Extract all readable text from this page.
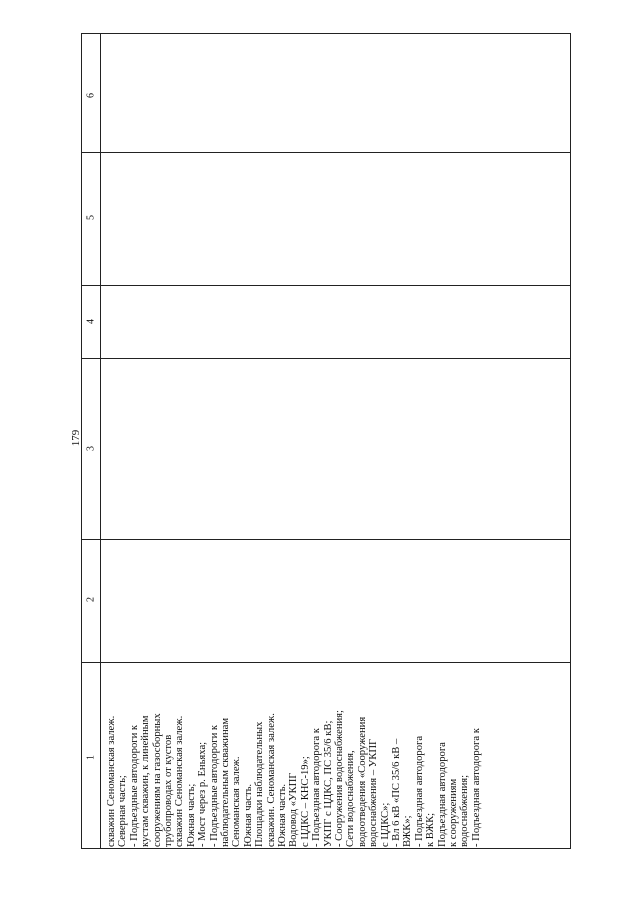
179
6
5
4
3
2
1 скважин Сеноманская залеж. Северная часть; - Подъездные автодороги к кустам скважин, к линейным сооружениям на газосборных трубопроводах от кустов скважин Сеноманская залеж. Южная часть; - Мост через р. Еньяха; - Подъездные автодороги к наблюдательным скважинам Сеноманская залеж. Южная часть. Площадки наблюдательных скважин. Сеноманская залеж. Южная часть. Водовод «УКПГ с ЦДКС – КНС-19»; - Подъездная автодорога к УКПГ с ЦДКС, ПС 35/6 кВ; - Сооружения водоснабжения; Сети водоснабжения, водоотведения «Сооружения водоснабжения – УКПГ с ЦДКС»; - Вл 6 кВ «ПС 35/6 кВ – ВЖК»; - Подъездная автодорога к ВЖК; Подъездная автодорога к сооружениям водоснабжения; - Подъездная автодорога к
